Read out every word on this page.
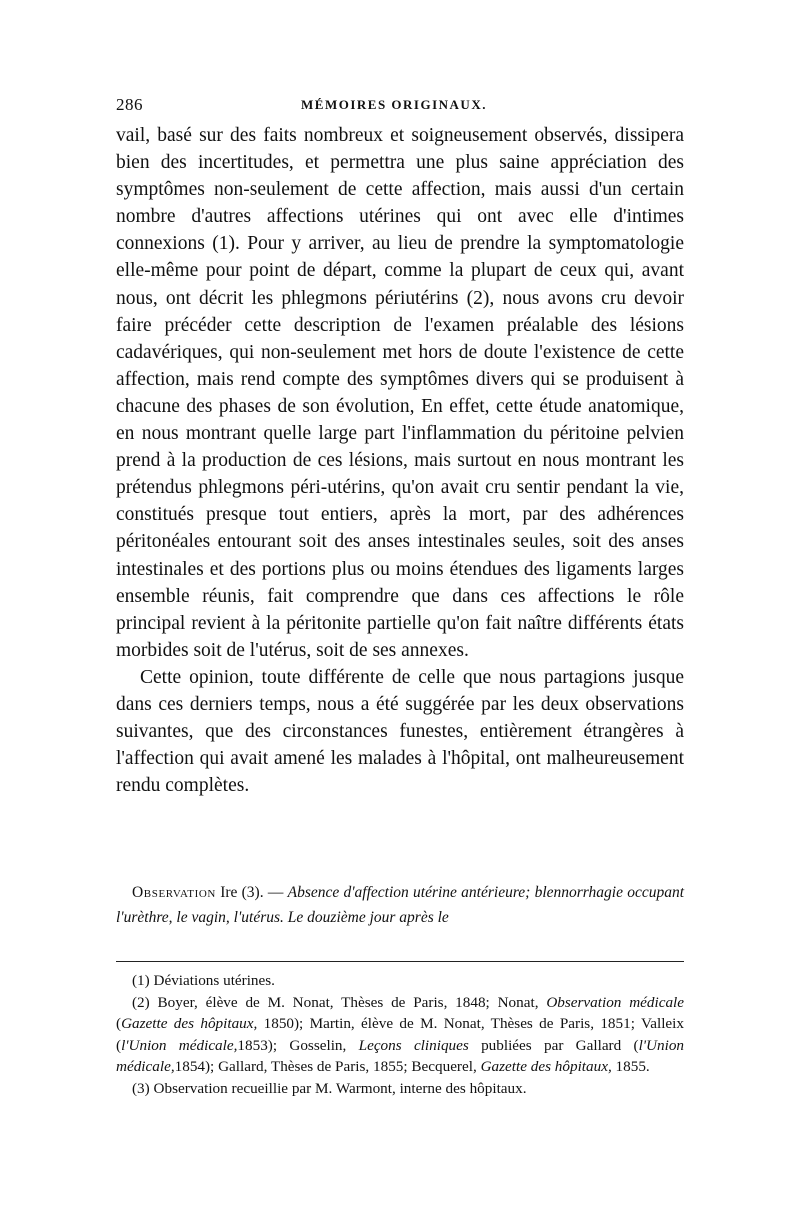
286	MÉMOIRES ORIGINAUX.

vail, basé sur des faits nombreux et soigneusement observés, dissipera bien des incertitudes, et permettra une plus saine appréciation des symptômes non-seulement de cette affection, mais aussi d'un certain nombre d'autres affections utérines qui ont avec elle d'intimes connexions (1). Pour y arriver, au lieu de prendre la symptomatologie elle-même pour point de départ, comme la plupart de ceux qui, avant nous, ont décrit les phlegmons périutérins (2), nous avons cru devoir faire précéder cette description de l'examen préalable des lésions cadavériques, qui non-seulement met hors de doute l'existence de cette affection, mais rend compte des symptômes divers qui se produisent à chacune des phases de son évolution, En effet, cette étude anatomique, en nous montrant quelle large part l'inflammation du péritoine pelvien prend à la production de ces lésions, mais surtout en nous montrant les prétendus phlegmons péri-utérins, qu'on avait cru sentir pendant la vie, constitués presque tout entiers, après la mort, par des adhérences péritonéales entourant soit des anses intestinales seules, soit des anses intestinales et des portions plus ou moins étendues des ligaments larges ensemble réunis, fait comprendre que dans ces affections le rôle principal revient à la péritonite partielle qu'on fait naître différents états morbides soit de l'utérus, soit de ses annexes.

Cette opinion, toute différente de celle que nous partagions jusque dans ces derniers temps, nous a été suggérée par les deux observations suivantes, que des circonstances funestes, entièrement étrangères à l'affection qui avait amené les malades à l'hôpital, ont malheureusement rendu complètes.

Observation Ire (3). — Absence d'affection utérine antérieure; blennorrhagie occupant l'urèthre, le vagin, l'utérus. Le douzième jour après le

(1) Déviations utérines.

(2) Boyer, élève de M. Nonat, Thèses de Paris, 1848; Nonat, Observation médicale (Gazette des hôpitaux, 1850); Martin, élève de M. Nonat, Thèses de Paris, 1851; Valleix (l'Union médicale,1853); Gosselin, Leçons cliniques publiées par Gallard (l'Union médicale,1854); Gallard, Thèses de Paris, 1855; Becquerel, Gazette des hôpitaux, 1855.

(3) Observation recueillie par M. Warmont, interne des hôpitaux.
